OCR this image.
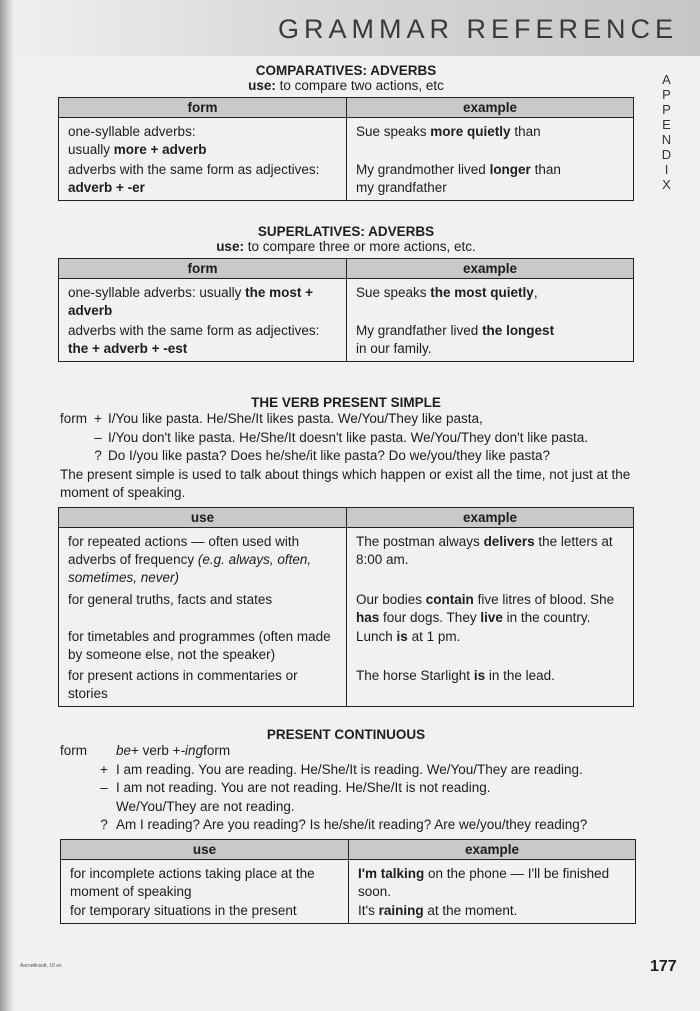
GRAMMAR REFERENCE
A
P
P
E
N
D
I
X
COMPARATIVES: ADVERBS
use: to compare two actions, etc
form	example
one-syllable adverbs:
usually more + adverb	Sue speaks more quietly than
adverbs with the same form as adjectives:
adverb + -er	My grandmother lived longer than
my grandfather
SUPERLATIVES: ADVERBS
use: to compare three or more actions, etc.
form	example
one-syllable adverbs: usually the most +
adverb	Sue speaks the most quietly,
adverbs with the same form as adjectives:
the + adverb + -est	My grandfather lived the longest
in our family.
THE VERB PRESENT SIMPLE
form + I/You like pasta. He/She/It likes pasta. We/You/They like pasta,
– I/You don't like pasta. He/She/It doesn't like pasta. We/You/They don't like pasta.
? Do I/you like pasta? Does he/she/it like pasta? Do we/you/they like pasta?
The present simple is used to talk about things which happen or exist all the time, not just at the moment of speaking.
use	example
for repeated actions — often used with adverbs of frequency (e.g. always, often, sometimes, never)	The postman always delivers the letters at 8:00 am.
for general truths, facts and states	Our bodies contain five litres of blood. She has four dogs. They live in the country.
for timetables and programmes (often made by someone else, not the speaker)	Lunch is at 1 pm.
for present actions in commentaries or stories	The horse Starlight is in the lead.
PRESENT CONTINUOUS
form	be + verb + -ing form
+ I am reading. You are reading. He/She/It is reading. We/You/They are reading.
– I am not reading. You are not reading. He/She/It is not reading.
We/You/They are not reading.
? Am I reading? Are you reading? Is he/she/it reading? Are we/you/they reading?
use	example
for incomplete actions taking place at the moment of speaking	I'm talking on the phone — I'll be finished soon.
for temporary situations in the present	It's raining at the moment.
Английский, 10 кл.	177
